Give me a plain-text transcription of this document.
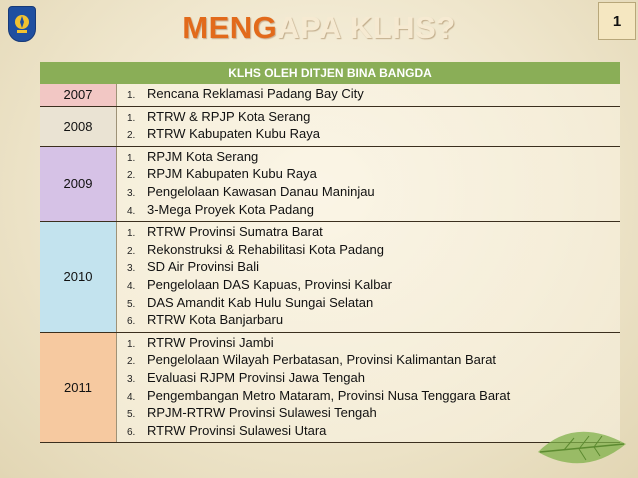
MENGAPA KLHS?	1
KLHS OLEH DITJEN BINA BANGDA
2007	1. Rencana Reklamasi Padang Bay City
2008
1. RTRW & RPJP Kota Serang
2. RTRW Kabupaten Kubu Raya
2009
1. RPJM Kota Serang
2. RPJM Kabupaten Kubu Raya
3. Pengelolaan Kawasan Danau Maninjau
4. 3-Mega Proyek Kota Padang
2010
1. RTRW Provinsi Sumatra Barat
2. Rekonstruksi & Rehabilitasi Kota Padang
3. SD Air Provinsi Bali
4. Pengelolaan DAS Kapuas, Provinsi Kalbar
5. DAS Amandit Kab Hulu Sungai Selatan
6. RTRW Kota Banjarbaru
2011
1. RTRW Provinsi Jambi
2. Pengelolaan Wilayah Perbatasan, Provinsi Kalimantan Barat
3. Evaluasi RJPM Provinsi Jawa Tengah
4. Pengembangan Metro Mataram, Provinsi Nusa Tenggara Barat
5. RPJM-RTRW Provinsi Sulawesi Tengah
6. RTRW Provinsi Sulawesi Utara
